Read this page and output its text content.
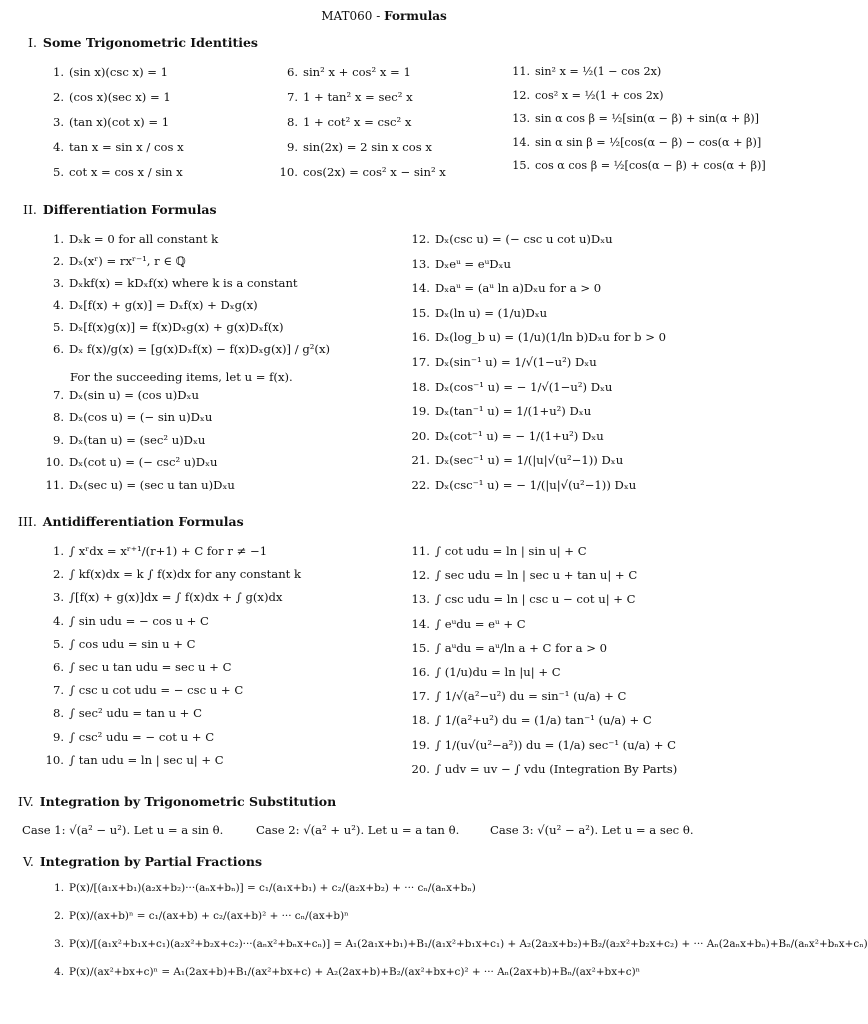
MAT060 - Formulas
I. Some Trigonometric Identities
II. Differentiation Formulas
III. Antidifferentiation Formulas
IV. Integration by Trigonometric Substitution
V. Integration by Partial Fractions
For the succeeding items, let u = f(x).
Case 1: √(a² − u²). Let u = a sin θ.	Case 2: √(a² + u²). Let u = a tan θ.	Case 3: √(u² − a²). Let u = a sec θ.
1. (sin x)(csc x) = 1
2. (cos x)(sec x) = 1
3. (tan x)(cot x) = 1
4. tan x = sin x / cos x
5. cot x = cos x / sin x
6. sin² x + cos² x = 1
7. 1 + tan² x = sec² x
8. 1 + cot² x = csc² x
9. sin(2x) = 2 sin x cos x
10. cos(2x) = cos² x − sin² x
11. sin² x = ½(1 − cos 2x)
12. cos² x = ½(1 + cos 2x)
13. sin α cos β = ½[sin(α − β) + sin(α + β)]
14. sin α sin β = ½[cos(α − β) − cos(α + β)]
15. cos α cos β = ½[cos(α − β) + cos(α + β)]
1. Dₓk = 0 for all constant k
2. Dₓ(xʳ) = rxʳ⁻¹, r ∈ ℚ
3. Dₓkf(x) = kDₓf(x) where k is a constant
4. Dₓ[f(x) + g(x)] = Dₓf(x) + Dₓg(x)
5. Dₓ[f(x)g(x)] = f(x)Dₓg(x) + g(x)Dₓf(x)
6. Dₓ f(x)/g(x) = [g(x)Dₓf(x) − f(x)Dₓg(x)] / g²(x)
7. Dₓ(sin u) = (cos u)Dₓu
8. Dₓ(cos u) = (− sin u)Dₓu
9. Dₓ(tan u) = (sec² u)Dₓu
10. Dₓ(cot u) = (− csc² u)Dₓu
11. Dₓ(sec u) = (sec u tan u)Dₓu
12. Dₓ(csc u) = (− csc u cot u)Dₓu
13. Dₓeᵘ = eᵘDₓu
14. Dₓaᵘ = (aᵘ ln a)Dₓu for a > 0
15. Dₓ(ln u) = (1/u)Dₓu
16. Dₓ(log_b u) = (1/u)(1/ln b)Dₓu for b > 0
17. Dₓ(sin⁻¹ u) = 1/√(1−u²) Dₓu
18. Dₓ(cos⁻¹ u) = − 1/√(1−u²) Dₓu
19. Dₓ(tan⁻¹ u) = 1/(1+u²) Dₓu
20. Dₓ(cot⁻¹ u) = − 1/(1+u²) Dₓu
21. Dₓ(sec⁻¹ u) = 1/(|u|√(u²−1)) Dₓu
22. Dₓ(csc⁻¹ u) = − 1/(|u|√(u²−1)) Dₓu
1. ∫ xʳdx = xʳ⁺¹/(r+1) + C for r ≠ −1
2. ∫ kf(x)dx = k ∫ f(x)dx for any constant k
3. ∫[f(x) + g(x)]dx = ∫ f(x)dx + ∫ g(x)dx
4. ∫ sin udu = − cos u + C
5. ∫ cos udu = sin u + C
6. ∫ sec u tan udu = sec u + C
7. ∫ csc u cot udu = − csc u + C
8. ∫ sec² udu = tan u + C
9. ∫ csc² udu = − cot u + C
10. ∫ tan udu = ln | sec u| + C
11. ∫ cot udu = ln | sin u| + C
12. ∫ sec udu = ln | sec u + tan u| + C
13. ∫ csc udu = ln | csc u − cot u| + C
14. ∫ eᵘdu = eᵘ + C
15. ∫ aᵘdu = aᵘ/ln a + C for a > 0
16. ∫ (1/u)du = ln |u| + C
17. ∫ 1/√(a²−u²) du = sin⁻¹ (u/a) + C
18. ∫ 1/(a²+u²) du = (1/a) tan⁻¹ (u/a) + C
19. ∫ 1/(u√(u²−a²)) du = (1/a) sec⁻¹ (u/a) + C
20. ∫ udv = uv − ∫ vdu (Integration By Parts)
1. P(x)/[(a₁x+b₁)(a₂x+b₂)···(aₙx+bₙ)] = c₁/(a₁x+b₁) + c₂/(a₂x+b₂) + ··· cₙ/(aₙx+bₙ)
2. P(x)/(ax+b)ⁿ = c₁/(ax+b) + c₂/(ax+b)² + ··· cₙ/(ax+b)ⁿ
3. P(x)/[(a₁x²+b₁x+c₁)(a₂x²+b₂x+c₂)···(aₙx²+bₙx+cₙ)] = A₁(2a₁x+b₁)+B₁/(a₁x²+b₁x+c₁) + A₂(2a₂x+b₂)+B₂/(a₂x²+b₂x+c₂) + ··· Aₙ(2aₙx+bₙ)+Bₙ/(aₙx²+bₙx+cₙ)
4. P(x)/(ax²+bx+c)ⁿ = A₁(2ax+b)+B₁/(ax²+bx+c) + A₂(2ax+b)+B₂/(ax²+bx+c)² + ··· Aₙ(2ax+b)+Bₙ/(ax²+bx+c)ⁿ
